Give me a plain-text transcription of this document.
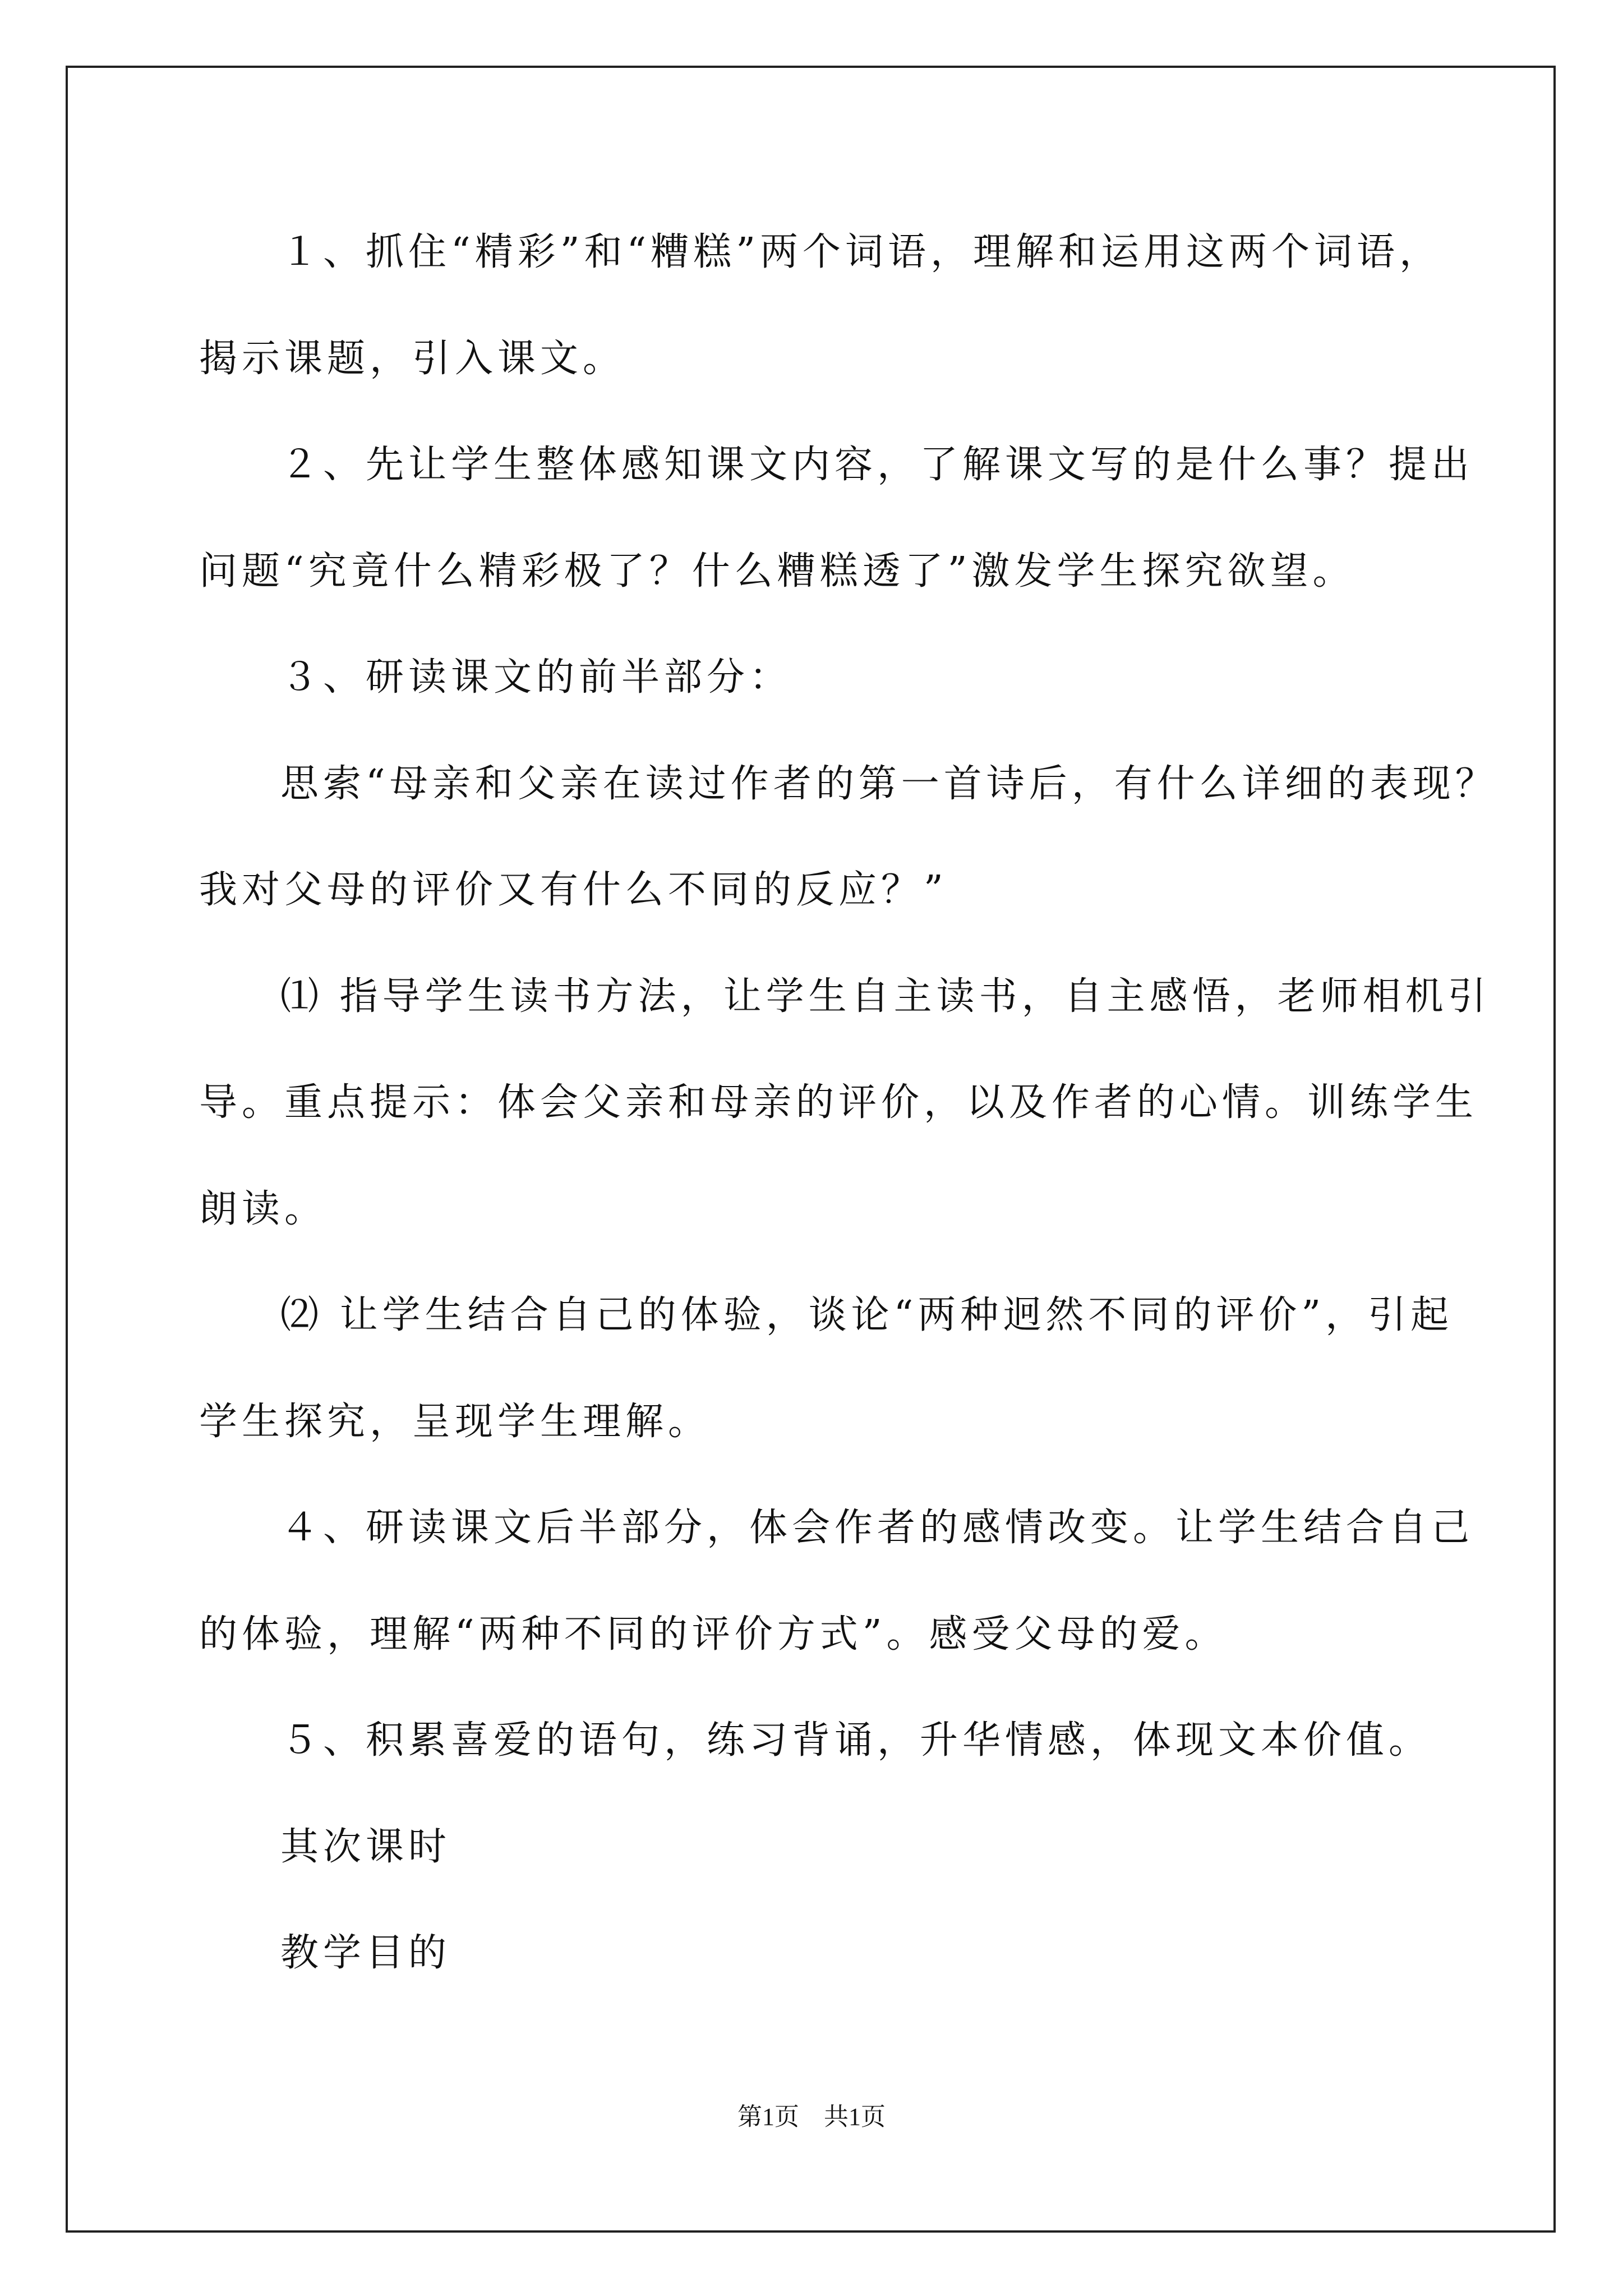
１、抓住“精彩”和“糟糕”两个词语，理解和运用这两个词语，
揭示课题，引入课文。
２、先让学生整体感知课文内容，了解课文写的是什么事？提出
问题“究竟什么精彩极了？什么糟糕透了”激发学生探究欲望。
３、研读课文的前半部分：
思索“母亲和父亲在读过作者的第一首诗后，有什么详细的表现？
我对父母的评价又有什么不同的反应？”
⑴ 指导学生读书方法，让学生自主读书，自主感悟，老师相机引
导。重点提示：体会父亲和母亲的评价，以及作者的心情。训练学生
朗读。
⑵ 让学生结合自己的体验，谈论“两种迥然不同的评价”，引起
学生探究，呈现学生理解。
４、研读课文后半部分，体会作者的感情改变。让学生结合自己
的体验，理解“两种不同的评价方式”。感受父母的爱。
５、积累喜爱的语句，练习背诵，升华情感，体现文本价值。
其次课时
教学目的
第1页　共1页
